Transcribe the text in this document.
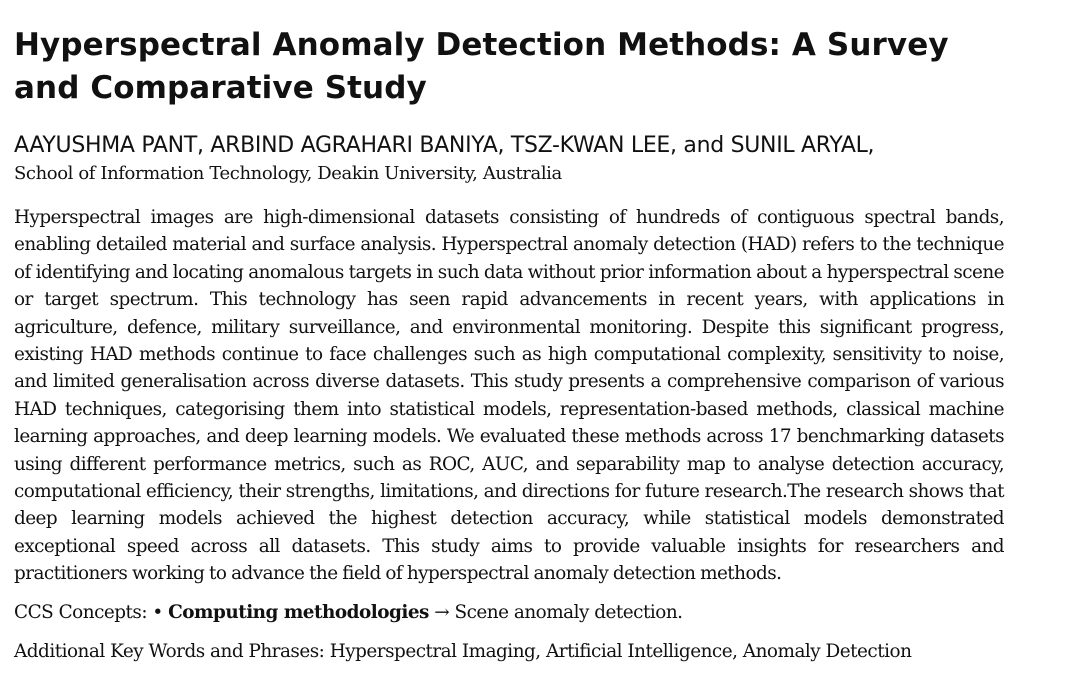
Hyperspectral Anomaly Detection Methods: A Survey and Comparative Study
AAYUSHMA PANT, ARBIND AGRAHARI BANIYA, TSZ-KWAN LEE, and SUNIL ARYAL,
School of Information Technology, Deakin University, Australia

Hyperspectral images are high-dimensional datasets consisting of hundreds of contiguous spectral bands, enabling detailed material and surface analysis. Hyperspectral anomaly detection (HAD) refers to the technique of identifying and locating anomalous targets in such data without prior information about a hyperspectral scene or target spectrum. This technology has seen rapid advancements in recent years, with applications in agriculture, defence, military surveillance, and environmental monitoring. Despite this significant progress, existing HAD methods continue to face challenges such as high computational complexity, sensitivity to noise, and limited generalisation across diverse datasets. This study presents a comprehensive comparison of various HAD techniques, categorising them into statistical models, representation-based methods, classical machine learning approaches, and deep learning models. We evaluated these methods across 17 benchmarking datasets using different performance metrics, such as ROC, AUC, and separability map to analyse detection accuracy, computational efficiency, their strengths, limitations, and directions for future research.The research shows that deep learning models achieved the highest detection accuracy, while statistical models demonstrated exceptional speed across all datasets. This study aims to provide valuable insights for researchers and practitioners working to advance the field of hyperspectral anomaly detection methods.

CCS Concepts: • Computing methodologies → Scene anomaly detection.

Additional Key Words and Phrases: Hyperspectral Imaging, Artificial Intelligence, Anomaly Detection
